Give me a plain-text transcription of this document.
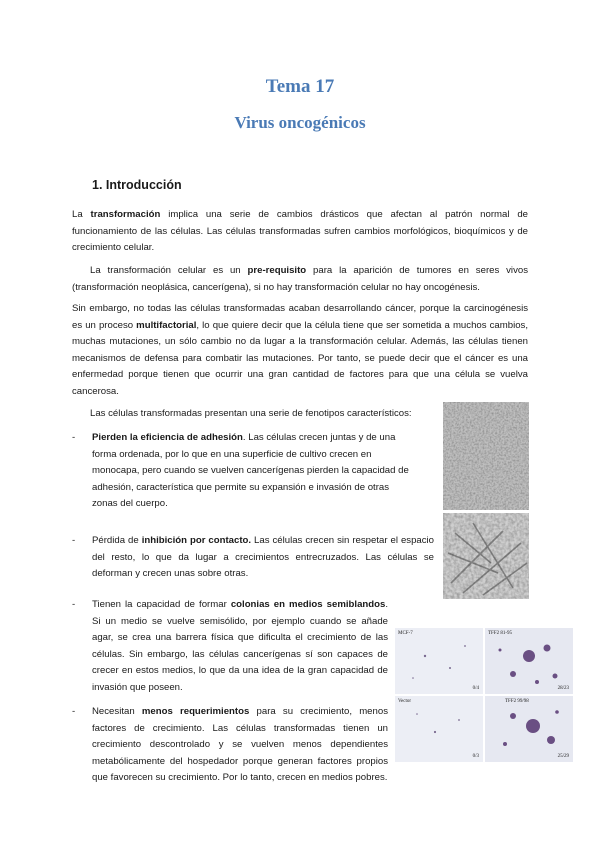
Tema 17
Virus oncogénicos
1. Introducción

La transformación implica una serie de cambios drásticos que afectan al patrón normal de funcionamiento de las células. Las células transformadas sufren cambios morfológicos, bioquímicos y de crecimiento celular.

La transformación celular es un pre-requisito para la aparición de tumores en seres vivos (transformación neoplásica, cancerígena), si no hay transformación celular no hay oncogénesis.

Sin embargo, no todas las células transformadas acaban desarrollando cáncer, porque la carcinogénesis es un proceso multifactorial, lo que quiere decir que la célula tiene que ser sometida a muchos cambios, muchas mutaciones, un sólo cambio no da lugar a la transformación celular. Además, las células tienen mecanismos de defensa para combatir las mutaciones. Por tanto, se puede decir que el cáncer es una enfermedad porque tienen que ocurrir una gran cantidad de factores para que una célula se vuelva cancerosa.

Las células transformadas presentan una serie de fenotipos característicos:

- Pierden la eficiencia de adhesión. Las células crecen juntas y de una forma ordenada, por lo que en una superficie de cultivo crecen en monocapa, pero cuando se vuelven cancerígenas pierden la capacidad de adhesión, característica que permite su expansión e invasión de otras zonas del cuerpo.

- Pérdida de inhibición por contacto. Las células crecen sin respetar el espacio del resto, lo que da lugar a crecimientos entrecruzados. Las células se deforman y crecen unas sobre otras.

- Tienen la capacidad de formar colonias en medios semiblandos. Si un medio se vuelve semisólido, por ejemplo cuando se añade agar, se crea una barrera física que dificulta el crecimiento de las células. Sin embargo, las células cancerígenas sí son capaces de crecer en estos medios, lo que da una idea de la gran capacidad de invasión que poseen.

- Necesitan menos requerimientos para su crecimiento, menos factores de crecimiento. Las células transformadas tienen un crecimiento descontrolado y se vuelven menos dependientes metabólicamente del hospedador porque generan factores propios que favorecen su crecimiento. Por lo tanto, crecen en medios pobres.

MCF-7
0/4
TFF2 81-95
28/23
Vector
0/3
TFF2 99/98
25/29
